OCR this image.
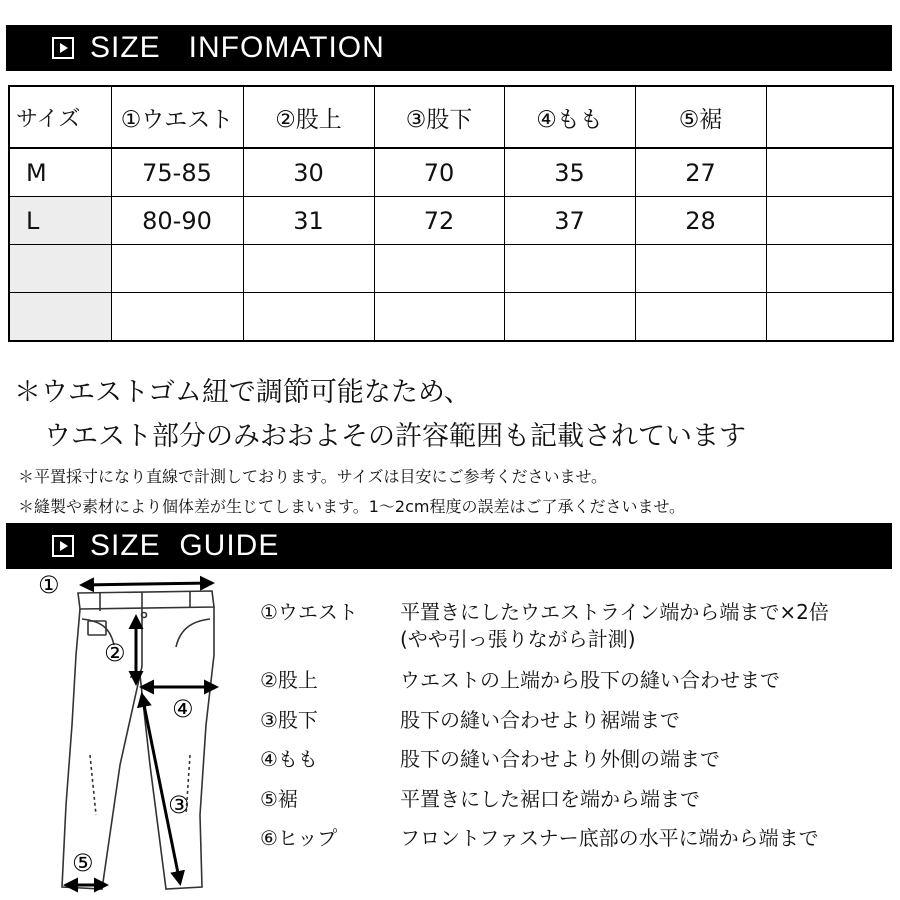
SIZE   INFOMATION
サイズ	①ウエスト	②股上	③股下	④もも	⑤裾	
M	75-85	30	70	35	27	
L	80-90	31	72	37	28	

＊ウエストゴム紐で調節可能なため、
ウエスト部分のみおおよその許容範囲も記載されています
＊平置採寸になり直線で計測しております。サイズは目安にご参考くださいませ。
＊縫製や素材により個体差が生じてしまいます。1〜2cm程度の誤差はご了承くださいませ。
SIZE  GUIDE
①
②
③
④
⑤
①ウエスト 平置きにしたウエストライン端から端まで×2倍
(やや引っ張りながら計測)
②股上	ウエストの上端から股下の縫い合わせまで
③股下	股下の縫い合わせより裾端まで
④もも	股下の縫い合わせより外側の端まで
⑤裾	平置きにした裾口を端から端まで
⑥ヒップ	フロントファスナー底部の水平に端から端まで
